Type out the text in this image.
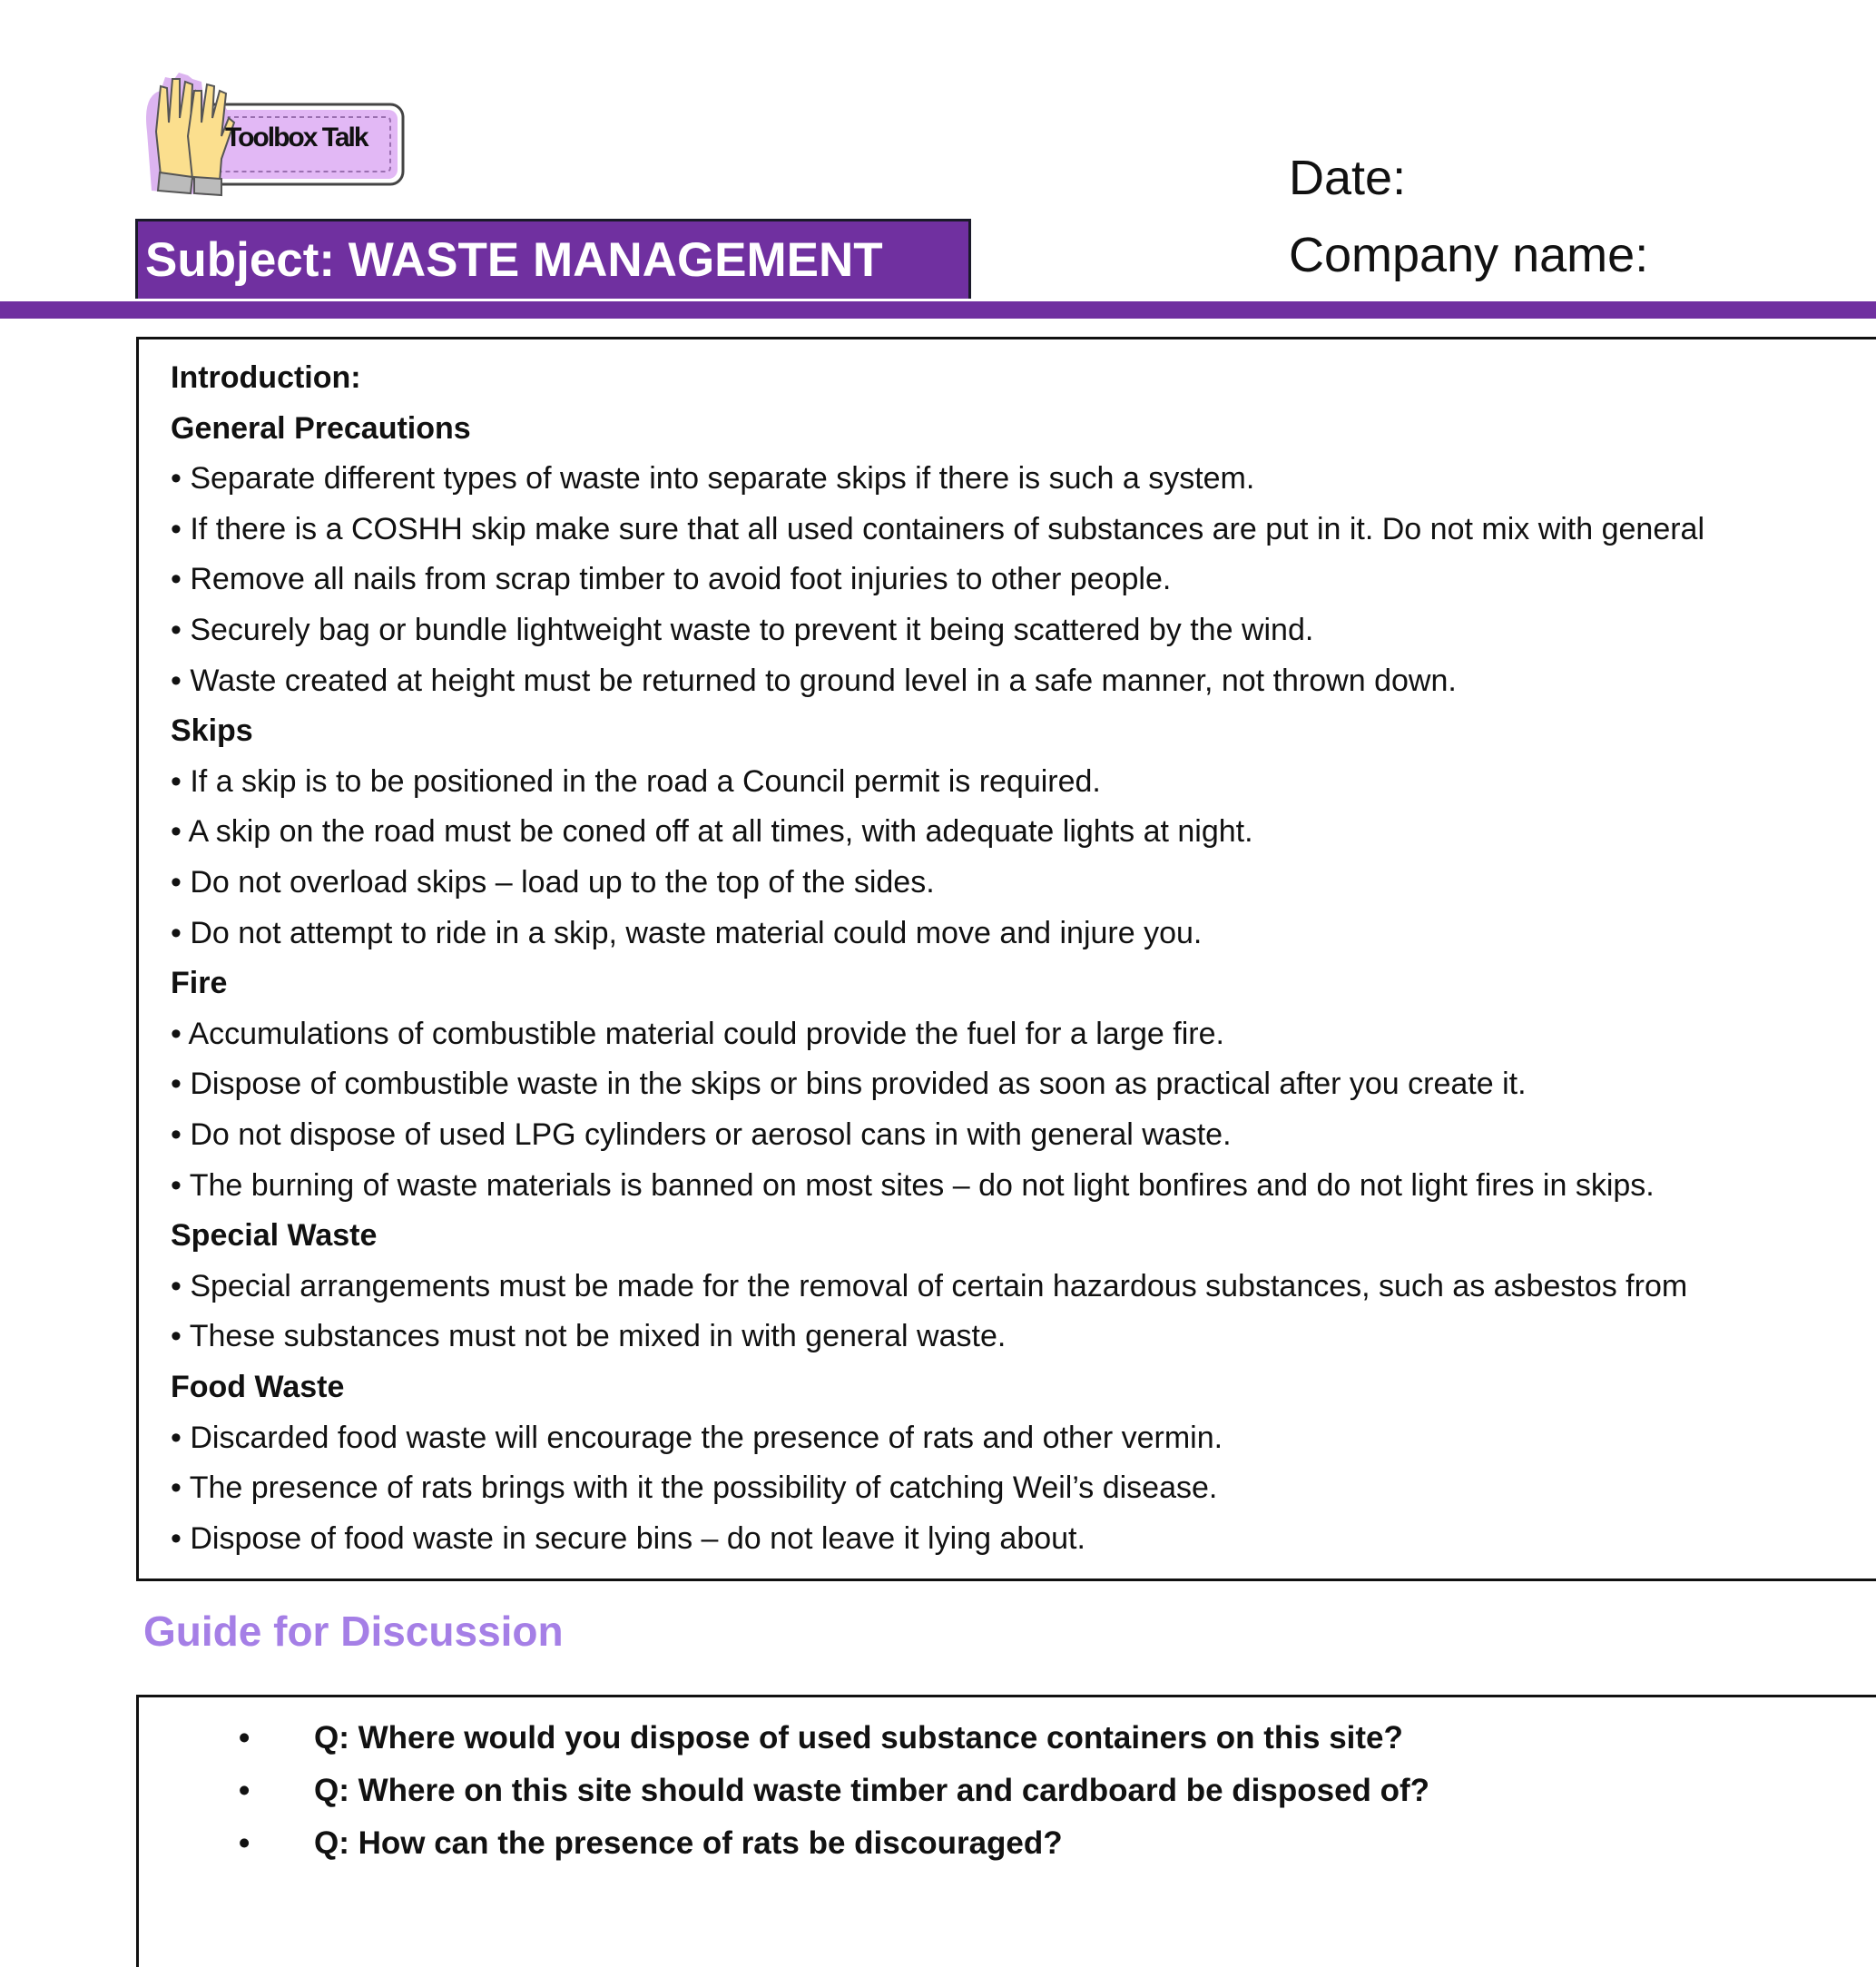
Toolbox Talk
Date:
Company name:
Subject: WASTE MANAGEMENT
Introduction:
General Precautions
• Separate different types of waste into separate skips if there is such a system.
• If there is a COSHH skip make sure that all used containers of substances are put in it. Do not mix with general
• Remove all nails from scrap timber to avoid foot injuries to other people.
• Securely bag or bundle lightweight waste to prevent it being scattered by the wind.
• Waste created at height must be returned to ground level in a safe manner, not thrown down.
Skips
• If a skip is to be positioned in the road a Council permit is required.
• A skip on the road must be coned off at all times, with adequate lights at night.
• Do not overload skips – load up to the top of the sides.
• Do not attempt to ride in a skip, waste material could move and injure you.
Fire
• Accumulations of combustible material could provide the fuel for a large fire.
• Dispose of combustible waste in the skips or bins provided as soon as practical after you create it.
• Do not dispose of used LPG cylinders or aerosol cans in with general waste.
• The burning of waste materials is banned on most sites – do not light bonfires and do not light fires in skips.
Special Waste
• Special arrangements must be made for the removal of certain hazardous substances, such as asbestos from
• These substances must not be mixed in with general waste.
Food Waste
• Discarded food waste will encourage the presence of rats and other vermin.
• The presence of rats brings with it the possibility of catching Weil’s disease.
• Dispose of food waste in secure bins – do not leave it lying about.
Guide for Discussion
• Q: Where would you dispose of used substance containers on this site?
• Q: Where on this site should waste timber and cardboard be disposed of?
• Q: How can the presence of rats be discouraged?
